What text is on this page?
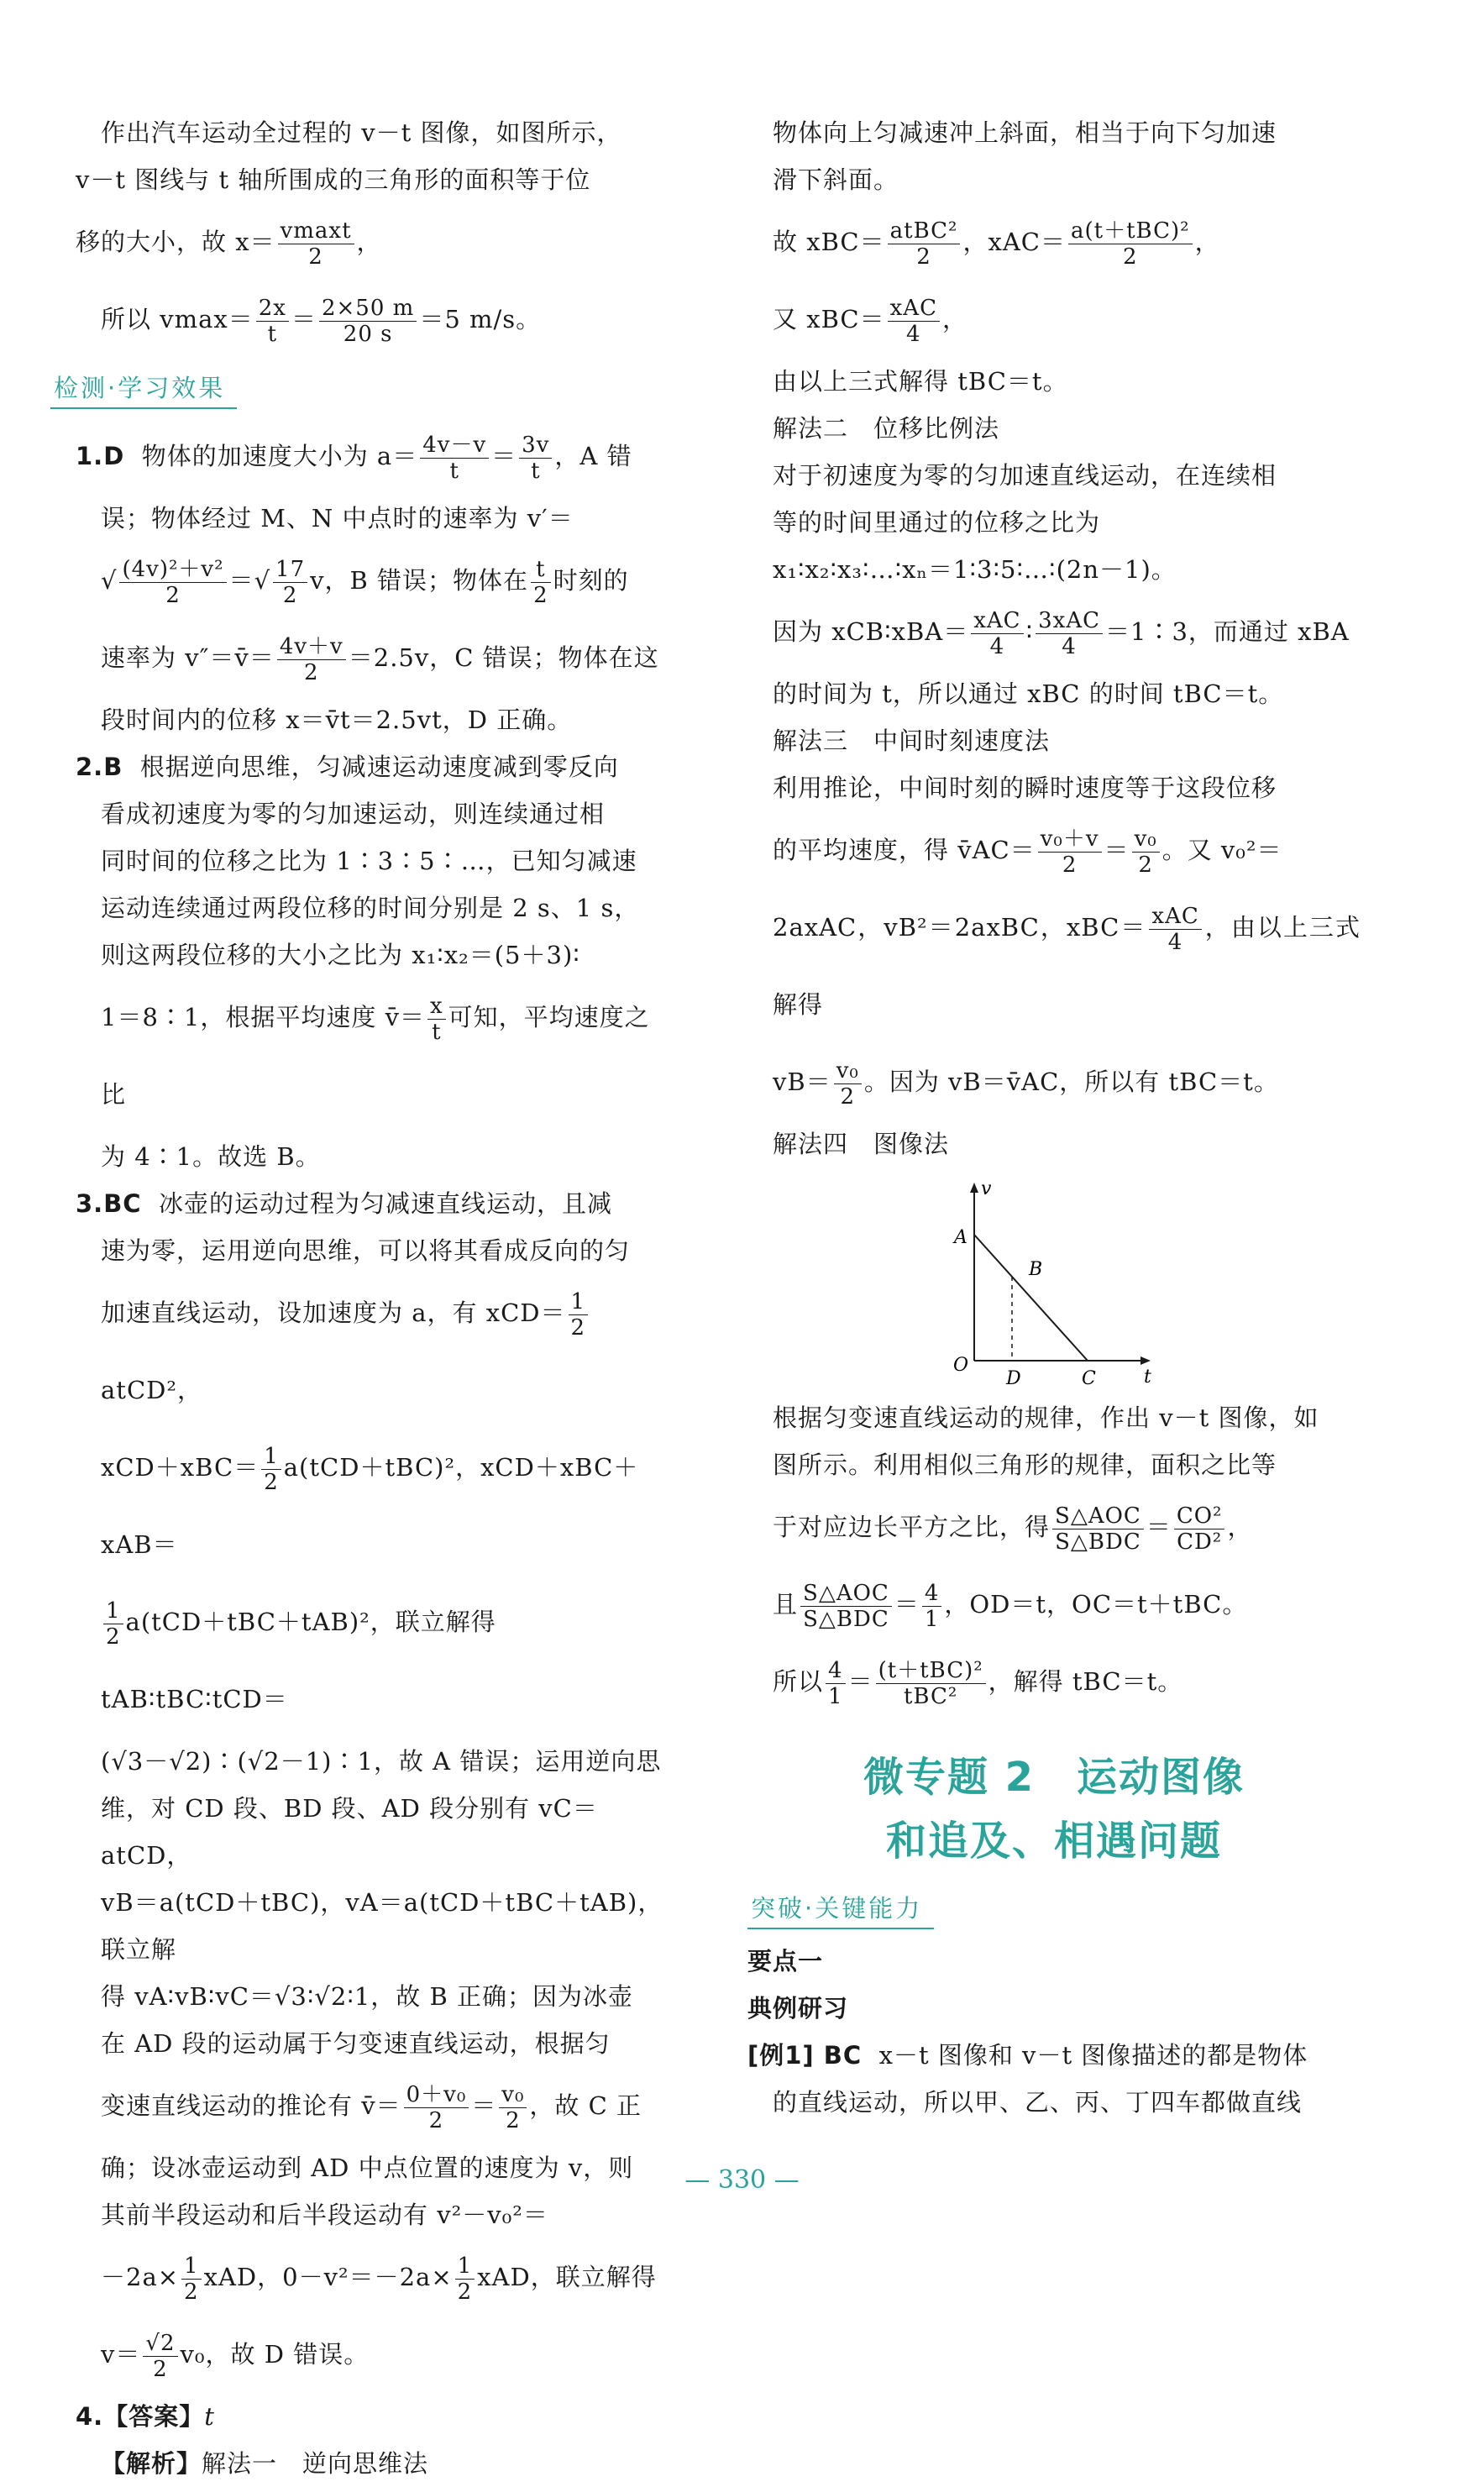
作出汽车运动全过程的 v－t 图像，如图所示，

v－t 图线与 t 轴所围成的三角形的面积等于位

移的大小，故 $x= \frac{vmaxt}{2}$ ，

所以 $vmax= \frac{2x}{t} = \frac{2\times 50 m}{20 s} =5$ m/s。

检测·学习效果
1.D 物体的加速度大小为 $a= \frac{4v-v}{t} = \frac{3v}{t}$ ，A 错
误；物体经过 M、N 中点时的速率为 v′＝
√ $\frac{\text{(4v)²＋v²}}{2}$ ＝√ $\frac{17}{2}$ v，B 错误；物体在 $\frac{t}{2}$ 时刻的
速率为 v″＝v̄＝ $\frac{4v+v}{2} =2.5v$，C 错误；物体在这
段时间内的位移 x＝v̄t＝2.5vt，D 正确。
2.B 根据逆向思维，匀减速运动速度减到零反向
看成初速度为零的匀加速运动，则连续通过相
同时间的位移之比为 1∶3∶5∶…，已知匀减速
运动连续通过两段位移的时间分别是 2 s、1 s，
则这两段位移的大小之比为 x₁∶x₂＝(5＋3)∶
1＝8∶1，根据平均速度 v̄＝ $\frac{x}{t}$ 可知，平均速度之比
为 4∶1。故选 B。
3.BC 冰壶的运动过程为匀减速直线运动，且减
速为零，运用逆向思维，可以将其看成反向的匀
加速直线运动，设加速度为 a，有 $xCD= \frac{1}{2}$
atCD²，
$xCD+xBC= \frac{1}{2} a(tCD+tBC)^2$，xCD＋xBC＋xAB＝
$\frac{1}{2} a(tCD+tBC+tAB)^2$，联立解得 tAB∶tBC∶tCD＝
(√3－√2)∶(√2－1)∶1，故 A 错误；运用逆向思
维，对 CD 段、BD 段、AD 段分别有 vC＝atCD，
vB＝a(tCD＋tBC)，vA＝a(tCD＋tBC＋tAB)，联立解
得 vA∶vB∶vC＝√3∶√2∶1，故 B 正确；因为冰壶
在 AD 段的运动属于匀变速直线运动，根据匀
变速直线运动的推论有 v̄＝ $\frac{\text{0＋v₀}}{2} = \frac{\text{v₀}}{2}$ ，故 C 正
确；设冰壶运动到 AD 中点位置的速度为 v，则
其前半段运动和后半段运动有 v²－v₀²＝
$-2a\times \frac{1}{2}$ xAD，$0-v^2=-2a\times \frac{1}{2}$ xAD，联立解得
$v= \frac{√2}{2} v_0$，故 D 错误。
4.【答案】t
【解析】解法一　逆向思维法

物体向上匀减速冲上斜面，相当于向下匀加速

滑下斜面。

故 $xBC= \frac{\text{atBC²}}{2}$ ，$xAC= \frac{\text{a(t＋tBC)²}}{2}$ ，

又 $xBC= \frac{\text{xAC}}{4}$ ，

由以上三式解得 tBC＝t。

解法二　位移比例法

对于初速度为零的匀加速直线运动，在连续相

等的时间里通过的位移之比为

x₁∶x₂∶x₃∶…∶xₙ＝1∶3∶5∶…∶(2n－1)。

因为 xCB∶xBA＝ $\frac{\text{xAC}}{4}$ ∶ $\frac{\text{3xAC}}{4}$ ＝1∶3，而通过 xBA

的时间为 t，所以通过 xBC 的时间 tBC＝t。

解法三　中间时刻速度法

利用推论，中间时刻的瞬时速度等于这段位移

的平均速度，得 v̄AC＝ $\frac{\text{v₀＋v}}{2} = \frac{\text{v₀}}{2}$ 。又 v₀²＝

2axAC，vB²＝2axBC，$xBC= \frac{\text{xAC}}{4}$ ，由以上三式解得

$vB= \frac{\text{v₀}}{2}$ 。因为 vB＝v̄AC，所以有 tBC＝t。

解法四　图像法

v
t
O
A
B
C
D

根据匀变速直线运动的规律，作出 v－t 图像，如

图所示。利用相似三角形的规律，面积之比等

于对应边长平方之比，得 $\frac{\text{S△AOC}}{\text{S△BDC}} = \frac{\text{CO²}}{\text{CD²}}$ ，

且 $\frac{\text{S△AOC}}{\text{S△BDC}} = \frac{4}{1}$ ，OD＝t，OC＝t＋tBC。

所以 $\frac{4}{1} = \frac{\text{(t＋tBC)²}}{\text{tBC²}}$ ，解得 tBC＝t。

微专题 2　运动图像
和追及、相遇问题
突破·关键能力

要点一

典例研习

[例1] BC x－t 图像和 v－t 图像描述的都是物体

的直线运动，所以甲、乙、丙、丁四车都做直线

— 330 —
